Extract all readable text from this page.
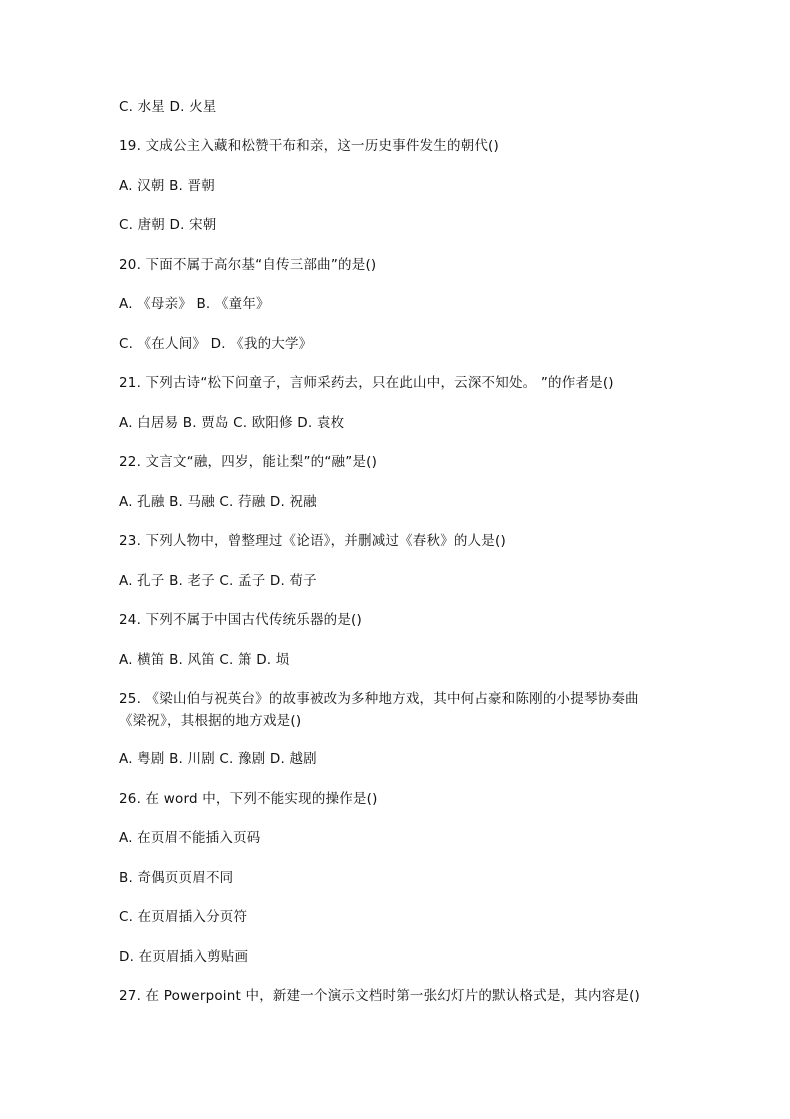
C. 水星 D. 火星
19. 文成公主入藏和松赞干布和亲，这一历史事件发生的朝代()
A. 汉朝 B. 晋朝
C. 唐朝 D. 宋朝
20. 下面不属于高尔基“自传三部曲”的是()
A. 《母亲》 B. 《童年》
C. 《在人间》 D. 《我的大学》
21. 下列古诗“松下问童子，言师采药去，只在此山中，云深不知处。 ”的作者是()
A. 白居易 B. 贾岛 C. 欧阳修 D. 袁枚
22. 文言文“融，四岁，能让梨”的“融”是()
A. 孔融 B. 马融 C. 荇融 D. 祝融
23. 下列人物中，曾整理过《论语》，并删减过《春秋》的人是()
A. 孔子 B. 老子 C. 孟子 D. 荀子
24. 下列不属于中国古代传统乐器的是()
A. 横笛 B. 风笛 C. 箫 D. 埙
25. 《梁山伯与祝英台》的故事被改为多种地方戏，其中何占豪和陈刚的小提琴协奏曲《梁祝》，其根据的地方戏是()
A. 粤剧 B. 川剧 C. 豫剧 D. 越剧
26. 在 word 中，下列不能实现的操作是()
A. 在页眉不能插入页码
B. 奇偶页页眉不同
C. 在页眉插入分页符
D. 在页眉插入剪贴画
27. 在 Powerpoint 中，新建一个演示文档时第一张幻灯片的默认格式是，其内容是()
